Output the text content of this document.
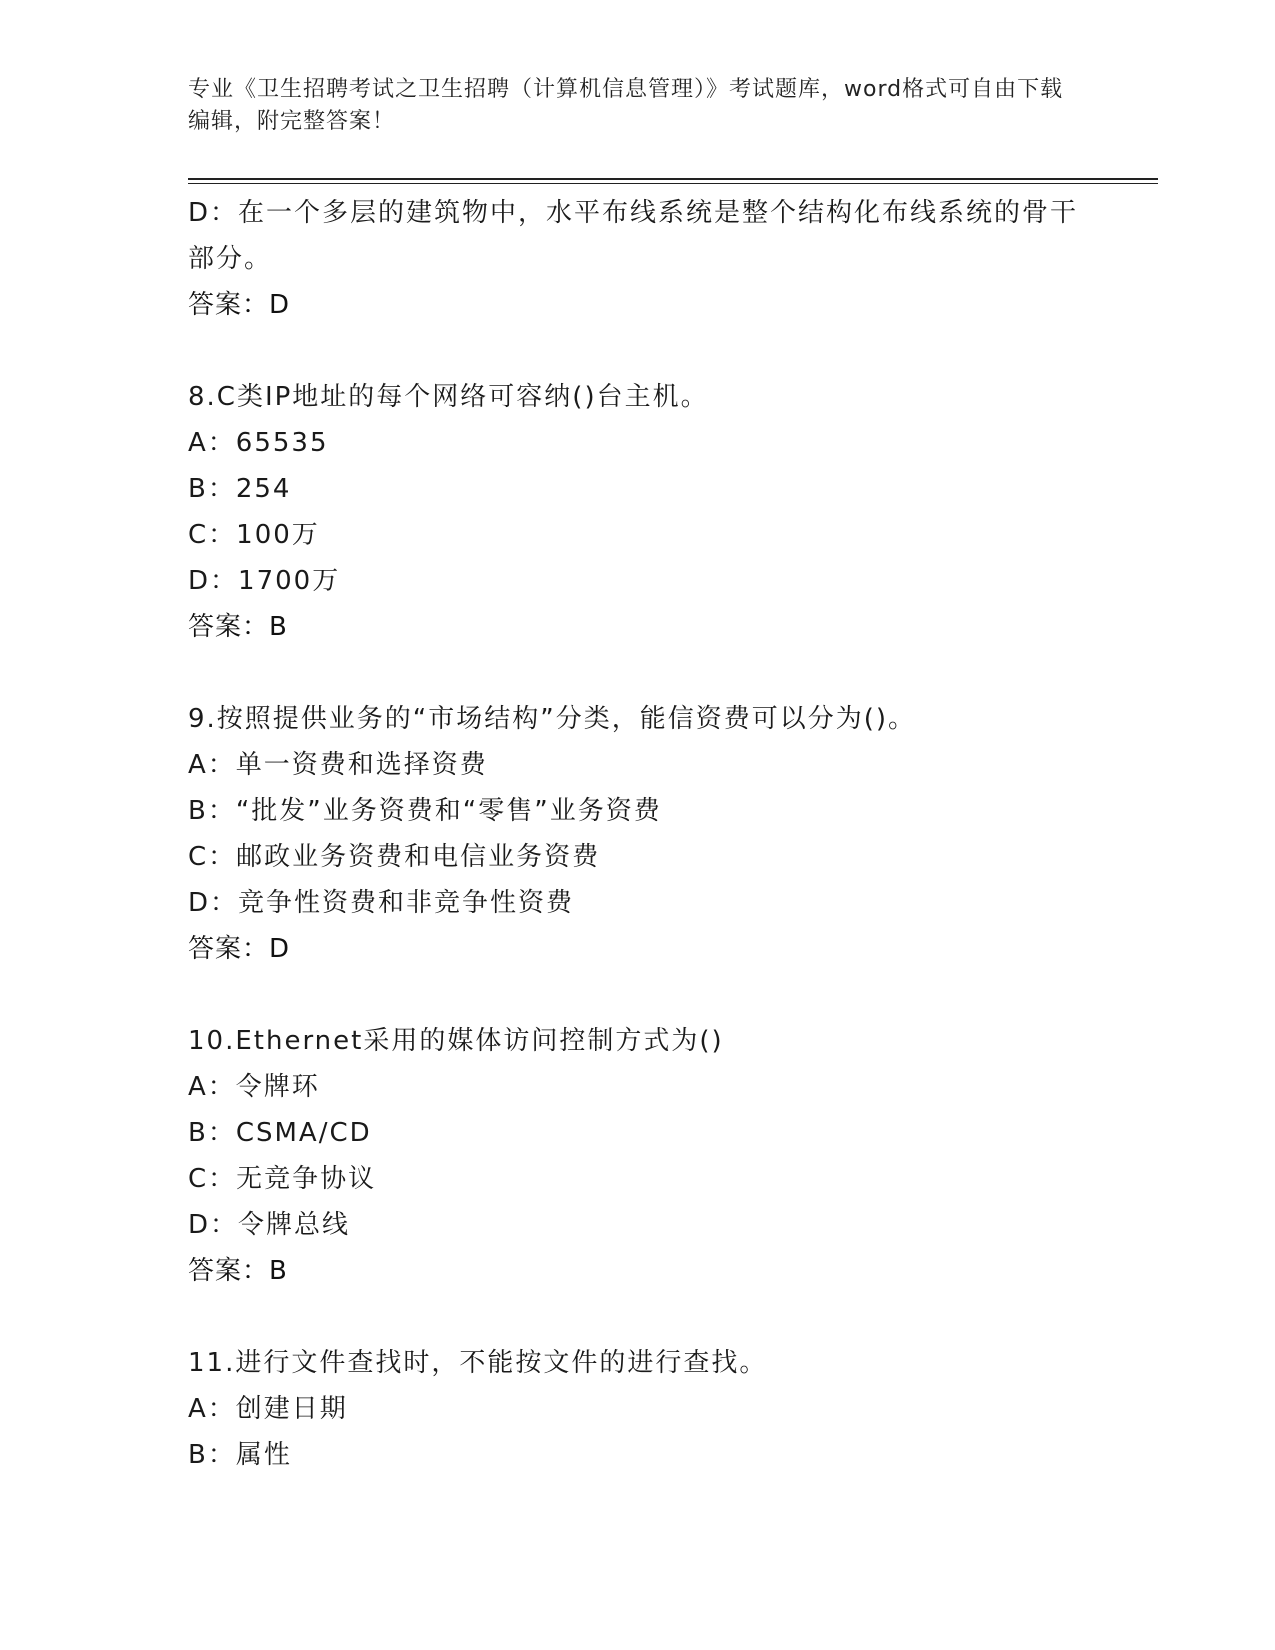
专业《卫生招聘考试之卫生招聘（计算机信息管理）》考试题库，word格式可自由下载编辑，附完整答案！
D：在一个多层的建筑物中，水平布线系统是整个结构化布线系统的骨干部分。
答案：D
8.C类IP地址的每个网络可容纳()台主机。
A：65535
B：254
C：100万
D：1700万
答案：B
9.按照提供业务的“市场结构”分类，能信资费可以分为()。
A：单一资费和选择资费
B：“批发”业务资费和“零售”业务资费
C：邮政业务资费和电信业务资费
D：竞争性资费和非竞争性资费
答案：D
10.Ethernet采用的媒体访问控制方式为()
A：令牌环
B：CSMA/CD
C：无竞争协议
D：令牌总线
答案：B
11.进行文件查找时，不能按文件的进行查找。
A：创建日期
B：属性
